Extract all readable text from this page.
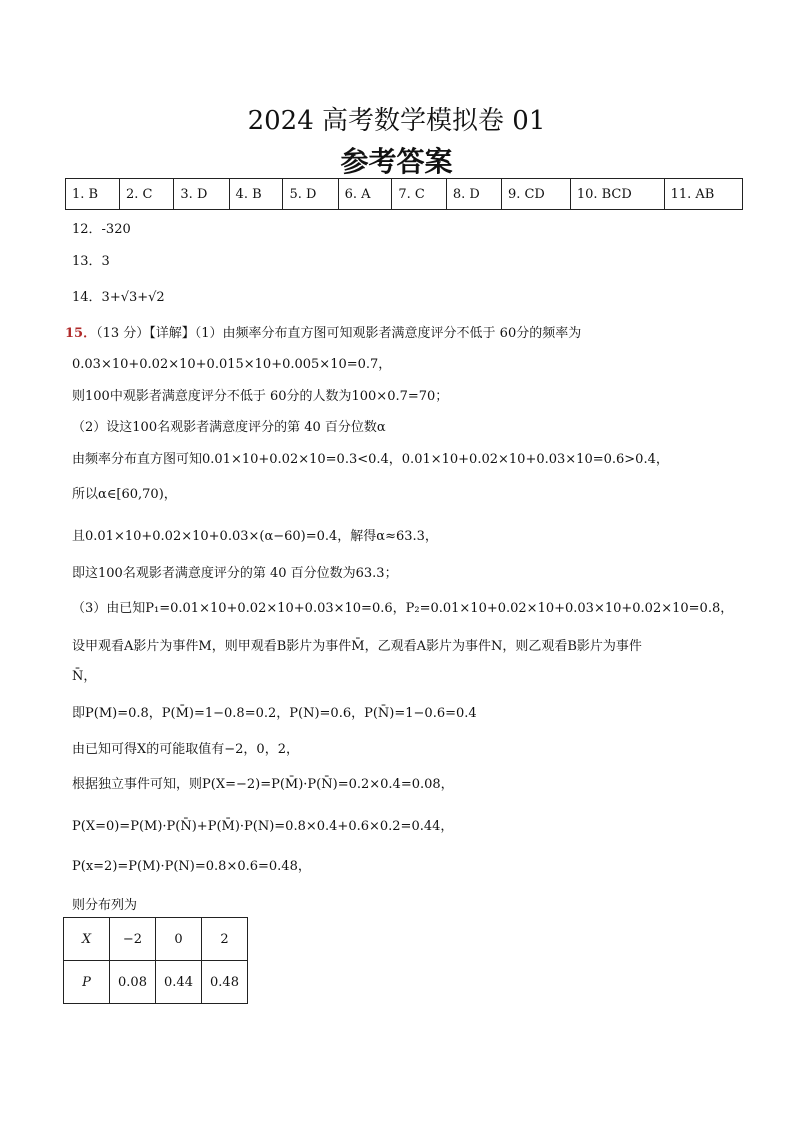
2024 高考数学模拟卷 01
参考答案
1. B	2. C	3. D	4. B	5. D	6. A	7. C	8. D	9. CD	10. BCD	11. AB
12．-320
13．3
14．3+√3+√2
15．（13 分）【详解】（1）由频率分布直方图可知观影者满意度评分不低于 60分的频率为
0.03×10+0.02×10+0.015×10+0.005×10=0.7，
则100中观影者满意度评分不低于 60分的人数为100×0.7=70；
（2）设这100名观影者满意度评分的第 40 百分位数α
由频率分布直方图可知0.01×10+0.02×10=0.3<0.4，0.01×10+0.02×10+0.03×10=0.6>0.4，
所以α∈[60,70)，
且0.01×10+0.02×10+0.03×(α−60)=0.4，解得α≈63.3，
即这100名观影者满意度评分的第 40 百分位数为63.3；
（3）由已知P₁=0.01×10+0.02×10+0.03×10=0.6，P₂=0.01×10+0.02×10+0.03×10+0.02×10=0.8，
设甲观看A影片为事件M，则甲观看B影片为事件M̄，乙观看A影片为事件N，则乙观看B影片为事件
N̄，
即P(M)=0.8，P(M̄)=1−0.8=0.2，P(N)=0.6，P(N̄)=1−0.6=0.4
由已知可得X的可能取值有−2，0，2，
根据独立事件可知，则P(X=−2)=P(M̄)·P(N̄)=0.2×0.4=0.08，
P(X=0)=P(M)·P(N̄)+P(M̄)·P(N)=0.8×0.4+0.6×0.2=0.44，
P(x=2)=P(M)·P(N)=0.8×0.6=0.48，
则分布列为
X	−2	0	2
P	0.08	0.44	0.48
